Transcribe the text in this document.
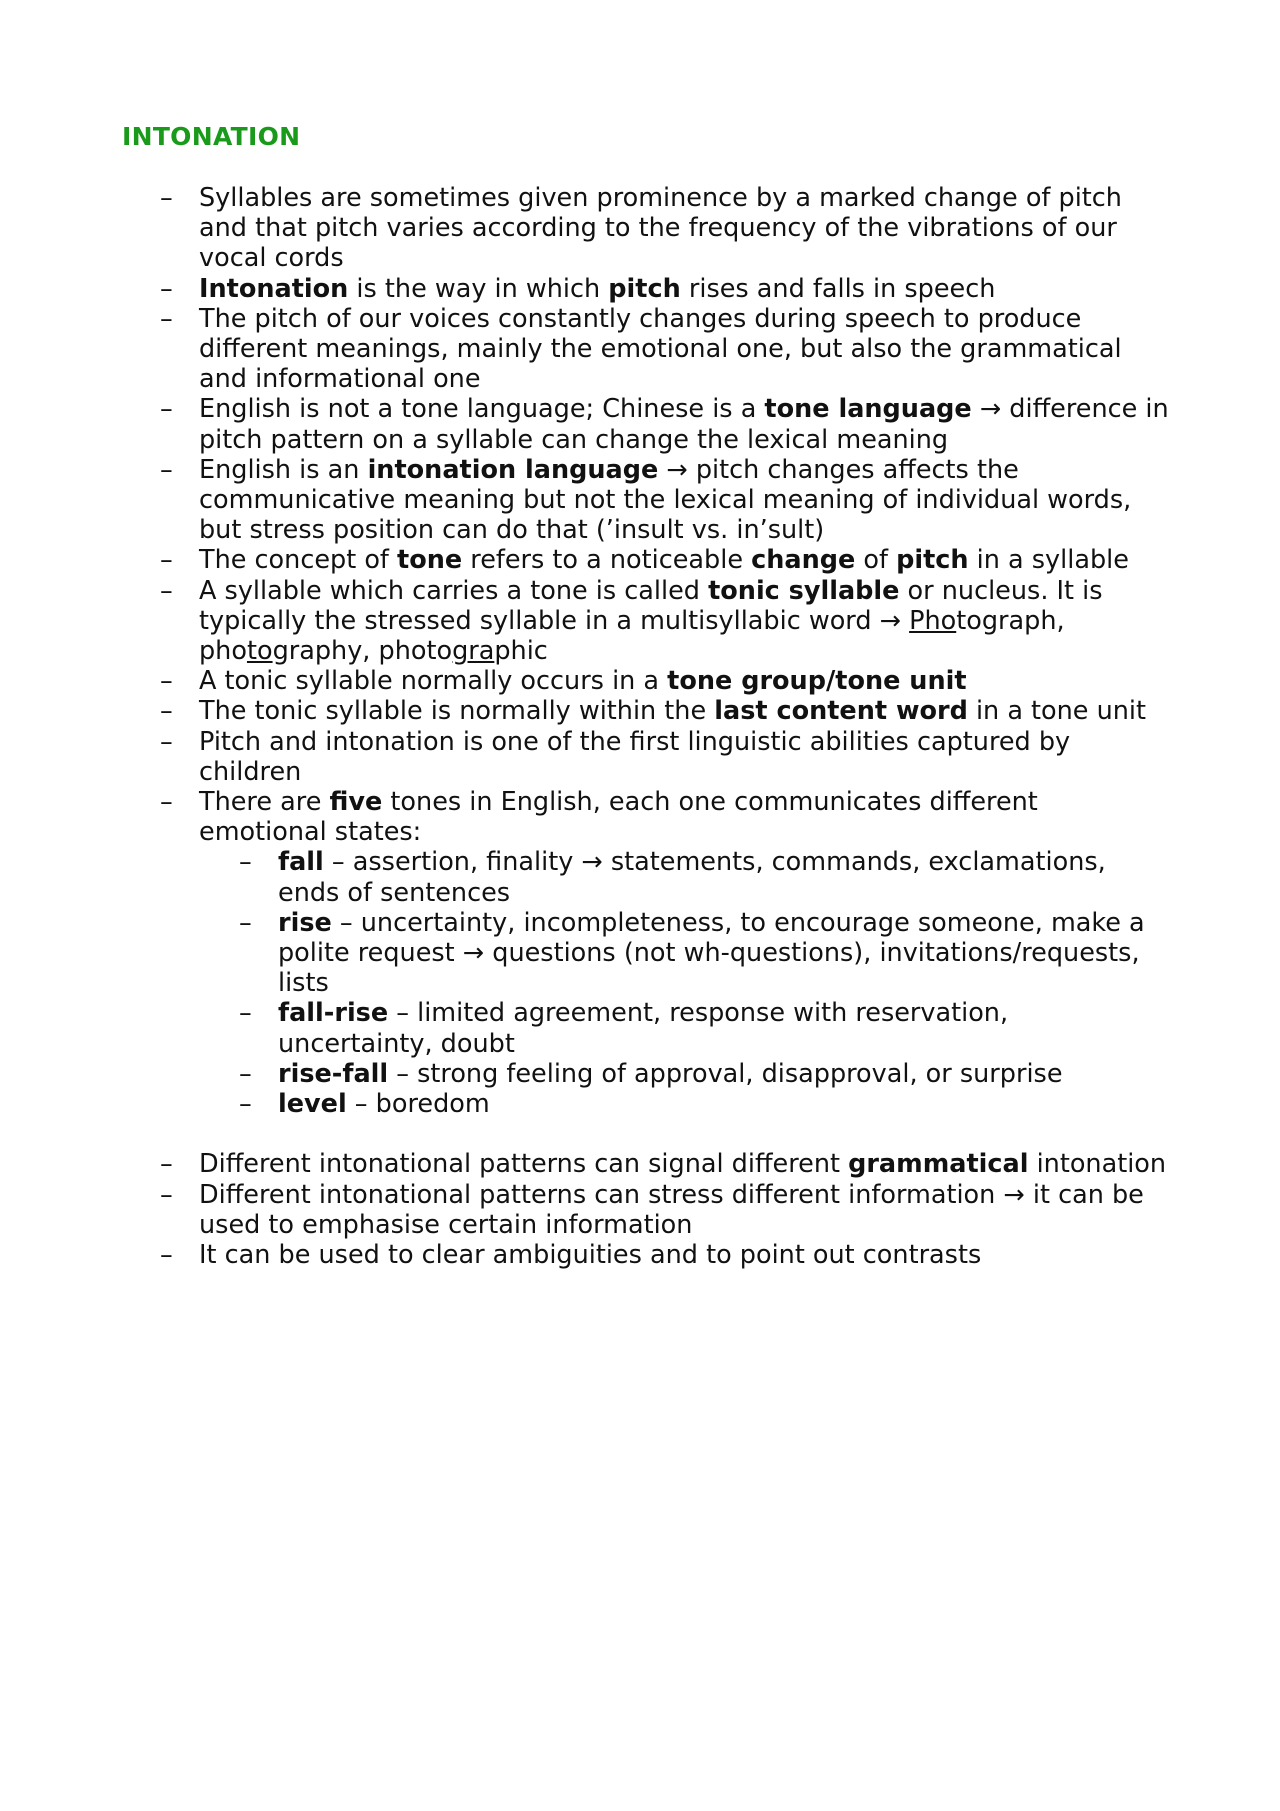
INTONATION
– Syllables are sometimes given prominence by a marked change of pitch and that pitch varies according to the frequency of the vibrations of our vocal cords
– Intonation is the way in which pitch rises and falls in speech
– The pitch of our voices constantly changes during speech to produce different meanings, mainly the emotional one, but also the grammatical and informational one
– English is not a tone language; Chinese is a tone language → difference in pitch pattern on a syllable can change the lexical meaning
– English is an intonation language → pitch changes affects the communicative meaning but not the lexical meaning of individual words, but stress position can do that (’insult vs. in’sult)
– The concept of tone refers to a noticeable change of pitch in a syllable
– A syllable which carries a tone is called tonic syllable or nucleus. It is typically the stressed syllable in a multisyllabic word → Photograph, photography, photographic
– A tonic syllable normally occurs in a tone group/tone unit
– The tonic syllable is normally within the last content word in a tone unit
– Pitch and intonation is one of the first linguistic abilities captured by children
– There are five tones in English, each one communicates different emotional states:
– fall – assertion, finality → statements, commands, exclamations, ends of sentences
– rise – uncertainty, incompleteness, to encourage someone, make a polite request → questions (not wh-questions), invitations/requests, lists
– fall-rise – limited agreement, response with reservation, uncertainty, doubt
– rise-fall – strong feeling of approval, disapproval, or surprise
– level – boredom
– Different intonational patterns can signal different grammatical intonation
– Different intonational patterns can stress different information → it can be used to emphasise certain information
– It can be used to clear ambiguities and to point out contrasts
